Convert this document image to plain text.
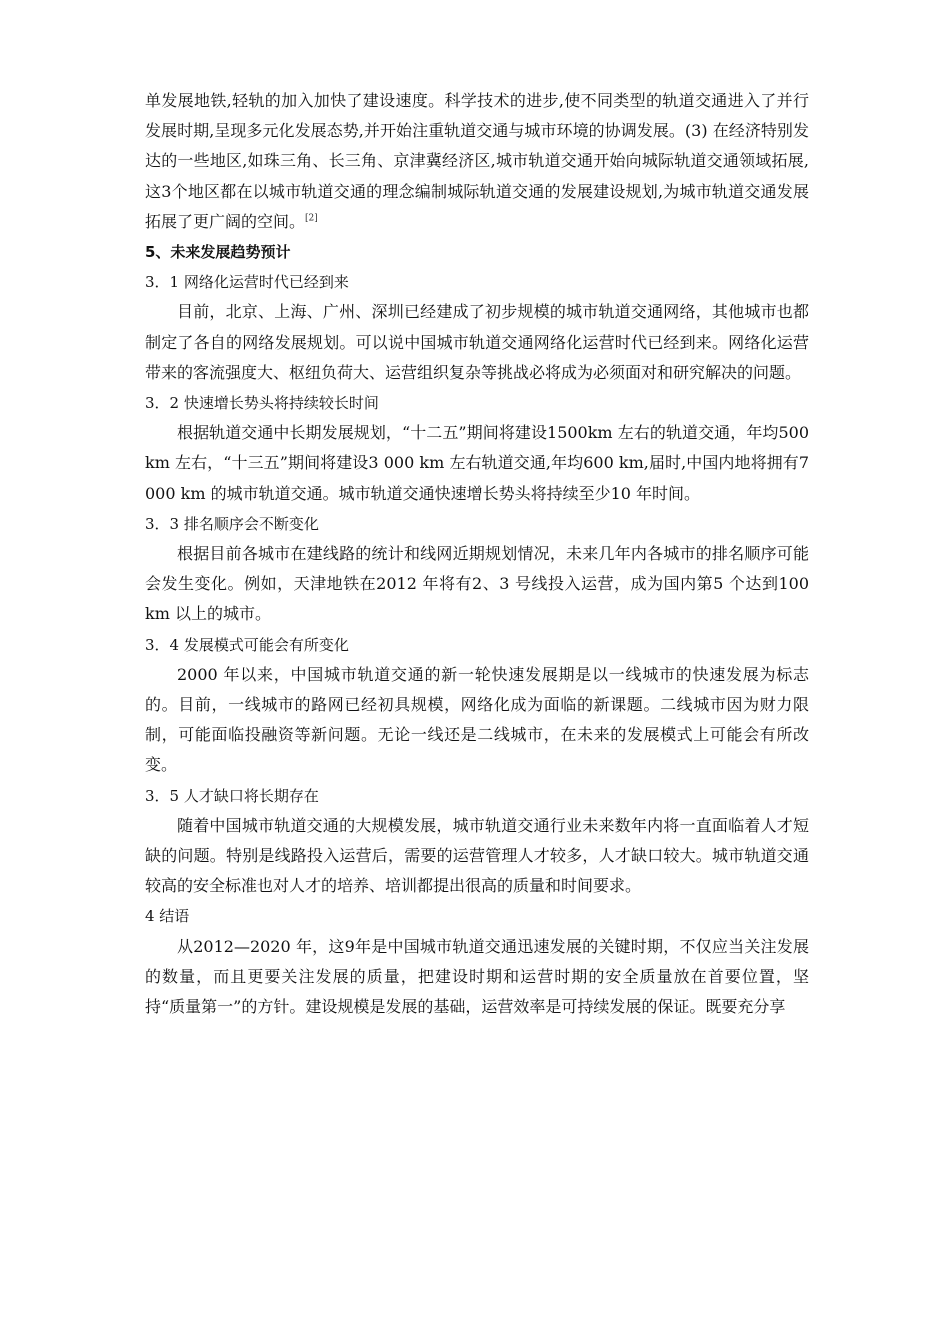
单发展地铁,轻轨的加入加快了建设速度。科学技术的进步,使不同类型的轨道交通进入了并行发展时期,呈现多元化发展态势,并开始注重轨道交通与城市环境的协调发展。(3) 在经济特别发达的一些地区,如珠三角、长三角、京津冀经济区,城市轨道交通开始向城际轨道交通领域拓展,这3个地区都在以城市轨道交通的理念编制城际轨道交通的发展建设规划,为城市轨道交通发展拓展了更广阔的空间。[2]

5、未来发展趋势预计

3．1 网络化运营时代已经到来

目前，北京、上海、广州、深圳已经建成了初步规模的城市轨道交通网络，其他城市也都制定了各自的网络发展规划。可以说中国城市轨道交通网络化运营时代已经到来。网络化运营带来的客流强度大、枢纽负荷大、运营组织复杂等挑战必将成为必须面对和研究解决的问题。

3．2 快速增长势头将持续较长时间

根据轨道交通中长期发展规划，“十二五”期间将建设1500km 左右的轨道交通，年均500 km 左右，“十三五”期间将建设3 000 km 左右轨道交通,年均600 km,届时,中国内地将拥有7 000 km 的城市轨道交通。城市轨道交通快速增长势头将持续至少10 年时间。

3．3 排名顺序会不断变化

根据目前各城市在建线路的统计和线网近期规划情况，未来几年内各城市的排名顺序可能会发生变化。例如，天津地铁在2012 年将有2、3 号线投入运营，成为国内第5 个达到100 km 以上的城市。

3．4 发展模式可能会有所变化

2000 年以来，中国城市轨道交通的新一轮快速发展期是以一线城市的快速发展为标志的。目前，一线城市的路网已经初具规模，网络化成为面临的新课题。二线城市因为财力限制，可能面临投融资等新问题。无论一线还是二线城市，在未来的发展模式上可能会有所改变。

3．5 人才缺口将长期存在

随着中国城市轨道交通的大规模发展，城市轨道交通行业未来数年内将一直面临着人才短缺的问题。特别是线路投入运营后，需要的运营管理人才较多，人才缺口较大。城市轨道交通较高的安全标准也对人才的培养、培训都提出很高的质量和时间要求。

4 结语

从2012—2020 年，这9年是中国城市轨道交通迅速发展的关键时期，不仅应当关注发展的数量，而且更要关注发展的质量，把建设时期和运营时期的安全质量放在首要位置，坚持“质量第一”的方针。建设规模是发展的基础，运营效率是可持续发展的保证。既要充分享
